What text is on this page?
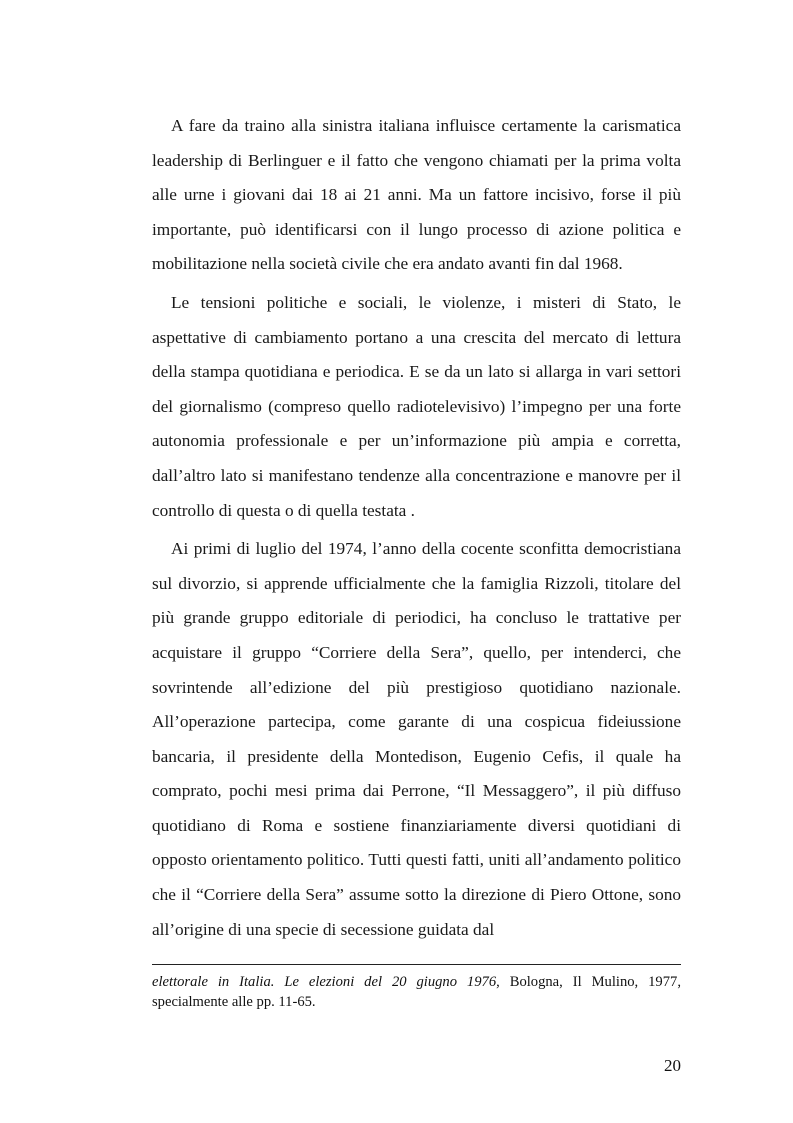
A fare da traino alla sinistra italiana influisce certamente la carismatica leadership di Berlinguer e il fatto che vengono chiamati per la prima volta alle urne i giovani dai 18 ai 21 anni. Ma un fattore incisivo, forse il più importante, può identificarsi con il lungo processo di azione politica e mobilitazione nella società civile che era andato avanti fin dal 1968.

Le tensioni politiche e sociali, le violenze, i misteri di Stato, le aspettative di cambiamento portano a una crescita del mercato di lettura della stampa quotidiana e periodica. E se da un lato si allarga in vari settori del giornalismo (compreso quello radiotelevisivo) l’impegno per una forte autonomia professionale e per un’informazione più ampia e corretta, dall’altro lato si manifestano tendenze alla concentrazione e manovre per il controllo di questa o di quella testata .

Ai primi di luglio del 1974, l’anno della cocente sconfitta democristiana sul divorzio, si apprende ufficialmente che la famiglia Rizzoli, titolare del più grande gruppo editoriale di periodici, ha concluso le trattative per acquistare il gruppo “Corriere della Sera”, quello, per intenderci, che sovrintende all’edizione del più prestigioso quotidiano nazionale. All’operazione partecipa, come garante di una cospicua fideiussione bancaria, il presidente della Montedison, Eugenio Cefis, il quale ha comprato, pochi mesi prima dai Perrone, “Il Messaggero”, il più diffuso quotidiano di Roma e sostiene finanziariamente diversi quotidiani di opposto orientamento politico. Tutti questi fatti, uniti all’andamento politico che il “Corriere della Sera” assume sotto la direzione di Piero Ottone, sono all’origine di una specie di secessione guidata dal

elettorale in Italia. Le elezioni del 20 giugno 1976, Bologna, Il Mulino, 1977, specialmente alle pp. 11-65.
20
